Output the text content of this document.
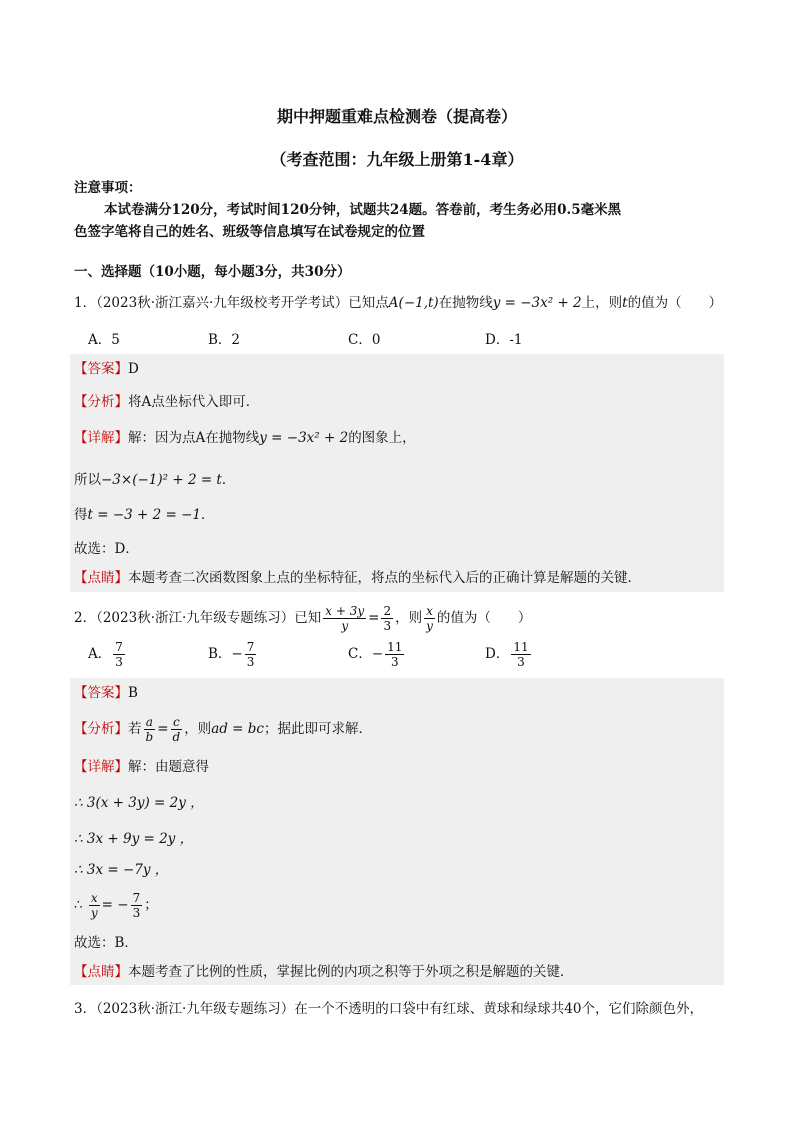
期中押题重难点检测卷（提高卷）
（考查范围：九年级上册第1-4章）
注意事项：
本试卷满分120分，考试时间120分钟，试题共24题。答卷前，考生务必用0.5毫米黑
色签字笔将自己的姓名、班级等信息填写在试卷规定的位置
一、选择题（10小题，每小题3分，共30分）
1．（2023秋·浙江嘉兴·九年级校考开学考试）已知点A(−1,t)在抛物线y = −3x² + 2上，则t的值为（　　）
A．5	B．2	C．0	D．-1
【答案】D
【分析】将A点坐标代入即可．
【详解】解：因为点A在抛物线y = −3x² + 2的图象上，
所以−3×(−1)² + 2 = t．
得t = −3 + 2 = −1．
故选：D．
【点睛】本题考查二次函数图象上点的坐标特征，将点的坐标代入后的正确计算是解题的关键．
2．（2023秋·浙江·九年级专题练习）已知 $\frac{x + 3y}{y} = \frac{2}{3}$ ，则 $\frac{x}{y}$ 的值为（　　）
A． $\frac{7}{3}$	B．− $\frac{7}{3}$	C．− $\frac{11}{3}$	D． $\frac{11}{3}$
【答案】B
【分析】若 $\frac{a}{b} = \frac{c}{d}$ ，则ad = bc；据此即可求解．
【详解】解：由题意得
∴ 3(x + 3y) = 2y ，
∴ 3x + 9y = 2y ，
∴ 3x = −7y ，
∴ $\frac{x}{y}$ = − $\frac{7}{3}$ ；
故选：B．
【点睛】本题考查了比例的性质，掌握比例的内项之积等于外项之积是解题的关键．
3．（2023秋·浙江·九年级专题练习）在一个不透明的口袋中有红球、黄球和绿球共40个，它们除颜色外，
